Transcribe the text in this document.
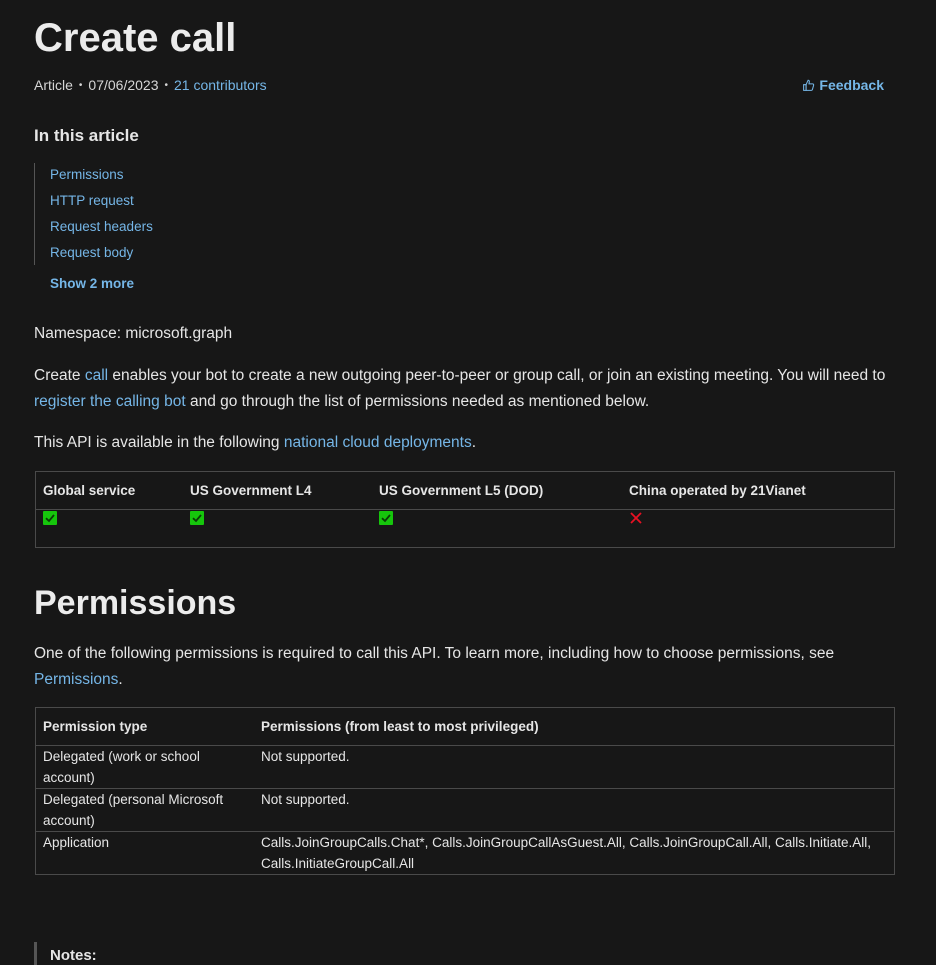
Create call
Article • 07/06/2023 • 21 contributors	Feedback
In this article
Permissions
HTTP request
Request headers
Request body
Show 2 more
Namespace: microsoft.graph
Create call enables your bot to create a new outgoing peer-to-peer or group call, or join an existing meeting. You will need to register the calling bot and go through the list of permissions needed as mentioned below.
This API is available in the following national cloud deployments.
Global service	US Government L4	US Government L5 (DOD)	China operated by 21Vianet

Permissions
One of the following permissions is required to call this API. To learn more, including how to choose permissions, see Permissions.
Permission type	Permissions (from least to most privileged)
Delegated (work or school account)	Not supported.
Delegated (personal Microsoft account)	Not supported.
Application	Calls.JoinGroupCalls.Chat*, Calls.JoinGroupCallAsGuest.All, Calls.JoinGroupCall.All, Calls.Initiate.All, Calls.InitiateGroupCall.All
Notes:
